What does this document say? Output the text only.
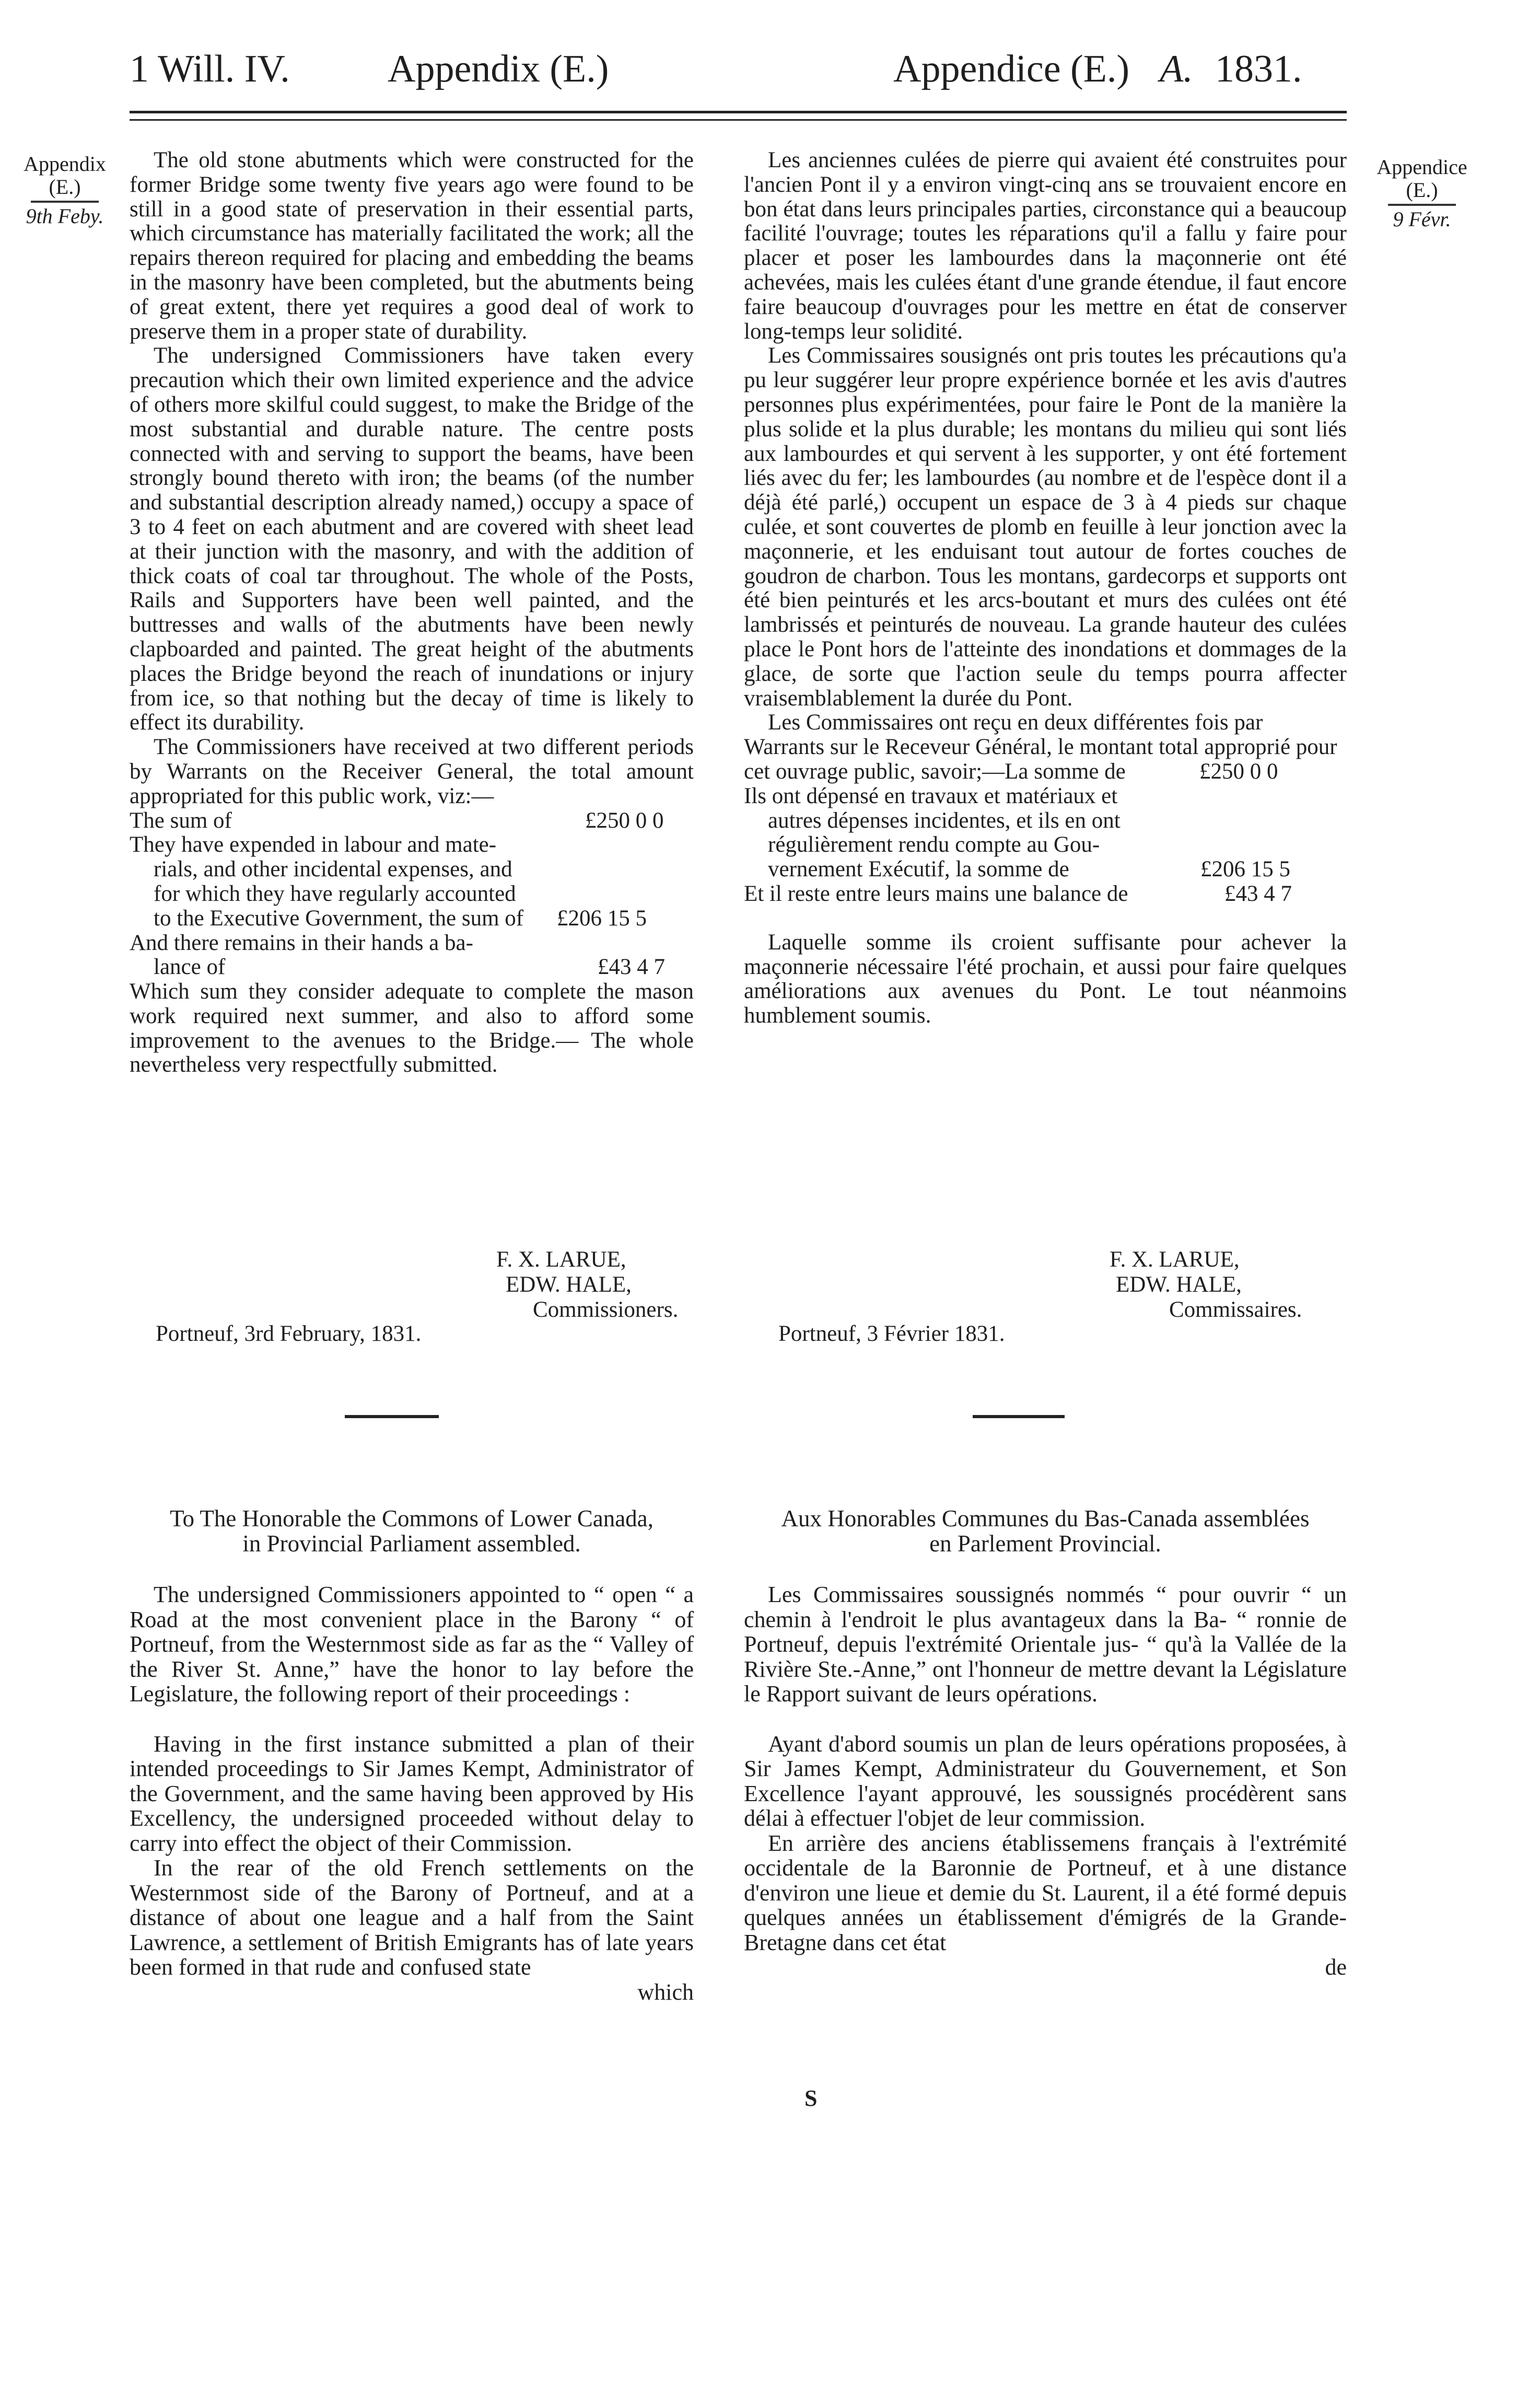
1 Will. IV.	Appendix (E.)	Appendice (E.) A. 1831.
Appendix
(E.)
9th Feby.
Appendice
(E.)
9 Févr.

The old stone abutments which were constructed for the former Bridge some twenty five years ago were found to be still in a good state of preservation in their essential parts, which circumstance has materially facilitated the work; all the repairs thereon required for placing and embedding the beams in the masonry have been completed, but the abutments being of great extent, there yet requires a good deal of work to preserve them in a proper state of durability.

The undersigned Commissioners have taken every precaution which their own limited experience and the advice of others more skilful could suggest, to make the Bridge of the most substantial and durable nature. The centre posts connected with and serving to support the beams, have been strongly bound thereto with iron; the beams (of the number and substantial description already named,) occupy a space of 3 to 4 feet on each abutment and are covered with sheet lead at their junction with the masonry, and with the addition of thick coats of coal tar throughout. The whole of the Posts, Rails and Supporters have been well painted, and the buttresses and walls of the abutments have been newly clapboarded and painted. The great height of the abutments places the Bridge beyond the reach of inundations or injury from ice, so that nothing but the decay of time is likely to effect its durability.

The Commissioners have received at two different periods by Warrants on the Receiver General, the total amount appropriated for this public work, viz:—

The sum of	£250 0 0
They have expended in labour and mate-
rials, and other incidental expenses, and
for which they have regularly accounted
to the Executive Government, the sum of £206 15 5
And there remains in their hands a ba-
lance of	£43 4 7

Which sum they consider adequate to complete the mason work required next summer, and also to afford some improvement to the avenues to the Bridge.— The whole nevertheless very respectfully submitted.

Les anciennes culées de pierre qui avaient été construites pour l'ancien Pont il y a environ vingt-cinq ans se trouvaient encore en bon état dans leurs principales parties, circonstance qui a beaucoup facilité l'ouvrage; toutes les réparations qu'il a fallu y faire pour placer et poser les lambourdes dans la maçonnerie ont été achevées, mais les culées étant d'une grande étendue, il faut encore faire beaucoup d'ouvrages pour les mettre en état de conserver long-temps leur solidité.

Les Commissaires sousignés ont pris toutes les précautions qu'a pu leur suggérer leur propre expérience bornée et les avis d'autres personnes plus expérimentées, pour faire le Pont de la manière la plus solide et la plus durable; les montans du milieu qui sont liés aux lambourdes et qui servent à les supporter, y ont été fortement liés avec du fer; les lambourdes (au nombre et de l'espèce dont il a déjà été parlé,) occupent un espace de 3 à 4 pieds sur chaque culée, et sont couvertes de plomb en feuille à leur jonction avec la maçonnerie, et les enduisant tout autour de fortes couches de goudron de charbon. Tous les montans, gardecorps et supports ont été bien peinturés et les arcs-boutant et murs des culées ont été lambrissés et peinturés de nouveau. La grande hauteur des culées place le Pont hors de l'atteinte des inondations et dommages de la glace, de sorte que l'action seule du temps pourra affecter vraisemblablement la durée du Pont.

Les Commissaires ont reçu en deux différentes fois par Warrants sur le Receveur Général, le montant total approprié pour cet ouvrage public, savoir;—La somme de	£250 0 0
Ils ont dépensé en travaux et matériaux et
autres dépenses incidentes, et ils en ont
régulièrement rendu compte au Gou-
vernement Exécutif, la somme de	£206 15 5
Et il reste entre leurs mains une balance de	£43 4 7

Laquelle somme ils croient suffisante pour achever la maçonnerie nécessaire l'été prochain, et aussi pour faire quelques améliorations aux avenues du Pont. Le tout néanmoins humblement soumis.

F. X. LARUE,
EDW. HALE,
Commissioners.
Portneuf, 3rd February, 1831.
F. X. LARUE,
EDW. HALE,
Commissaires.
Portneuf, 3 Février 1831.
To The Honorable the Commons of Lower Canada,
in Provincial Parliament assembled.

The undersigned Commissioners appointed to “ open “ a Road at the most convenient place in the Barony “ of Portneuf, from the Westernmost side as far as the “ Valley of the River St. Anne,” have the honor to lay before the Legislature, the following report of their proceedings :

Having in the first instance submitted a plan of their intended proceedings to Sir James Kempt, Administrator of the Government, and the same having been approved by His Excellency, the undersigned proceeded without delay to carry into effect the object of their Commission.

In the rear of the old French settlements on the Westernmost side of the Barony of Portneuf, and at a distance of about one league and a half from the Saint Lawrence, a settlement of British Emigrants has of late years been formed in that rude and confused state

which
Aux Honorables Communes du Bas-Canada assemblées
en Parlement Provincial.

Les Commissaires soussignés nommés “ pour ouvrir “ un chemin à l'endroit le plus avantageux dans la Ba- “ ronnie de Portneuf, depuis l'extrémité Orientale jus- “ qu'à la Vallée de la Rivière Ste.-Anne,” ont l'honneur de mettre devant la Législature le Rapport suivant de leurs opérations.

Ayant d'abord soumis un plan de leurs opérations proposées, à Sir James Kempt, Administrateur du Gouvernement, et Son Excellence l'ayant approuvé, les soussignés procédèrent sans délai à effectuer l'objet de leur commission.

En arrière des anciens établissemens français à l'extrémité occidentale de la Baronnie de Portneuf, et à une distance d'environ une lieue et demie du St. Laurent, il a été formé depuis quelques années un établissement d'émigrés de la Grande-Bretagne dans cet état

de
S
